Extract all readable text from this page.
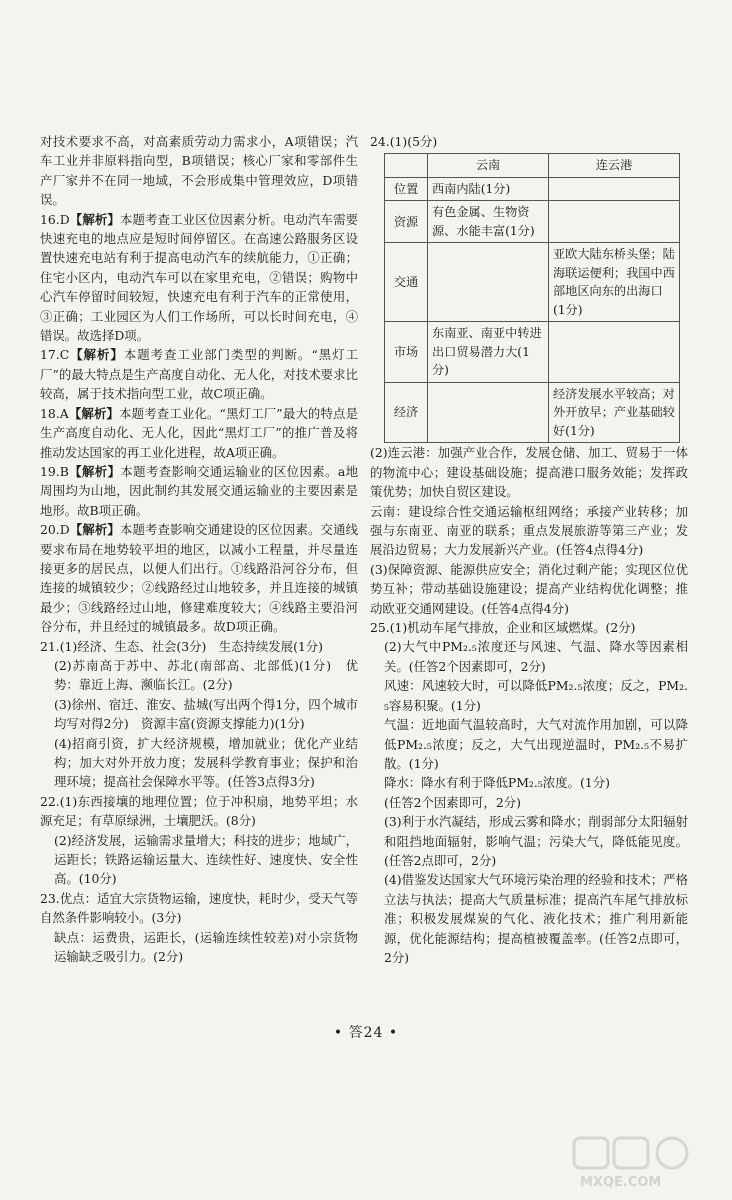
对技术要求不高，对高素质劳动力需求小，A项错误；汽车工业并非原料指向型，B项错误；核心厂家和零部件生产厂家并不在同一地域，不会形成集中管理效应，D项错误。

16.D【解析】本题考查工业区位因素分析。电动汽车需要快速充电的地点应是短时间停留区。在高速公路服务区设置快速充电站有利于提高电动汽车的续航能力，①正确；住宅小区内，电动汽车可以在家里充电，②错误；购物中心汽车停留时间较短，快速充电有利于汽车的正常使用，③正确；工业园区为人们工作场所，可以长时间充电，④错误。故选择D项。

17.C【解析】本题考查工业部门类型的判断。“黑灯工厂”的最大特点是生产高度自动化、无人化，对技术要求比较高，属于技术指向型工业，故C项正确。

18.A【解析】本题考查工业化。“黑灯工厂”最大的特点是生产高度自动化、无人化，因此“黑灯工厂”的推广普及将推动发达国家的再工业化进程，故A项正确。

19.B【解析】本题考查影响交通运输业的区位因素。a地周围均为山地，因此制约其发展交通运输业的主要因素是地形。故B项正确。

20.D【解析】本题考查影响交通建设的区位因素。交通线要求布局在地势较平坦的地区，以减小工程量，并尽量连接更多的居民点，以便人们出行。①线路沿河谷分布，但连接的城镇较少；②线路经过山地较多，并且连接的城镇最少；③线路经过山地，修建难度较大；④线路主要沿河谷分布，并且经过的城镇最多。故D项正确。

21.(1)经济、生态、社会(3分)　生态持续发展(1分)

(2)苏南高于苏中、苏北(南部高、北部低)(1分)　优势：靠近上海、濒临长江。(2分)

(3)徐州、宿迁、淮安、盐城(写出两个得1分，四个城市均写对得2分)　资源丰富(资源支撑能力)(1分)

(4)招商引资，扩大经济规模，增加就业；优化产业结构；加大对外开放力度；发展科学教育事业；保护和治理环境；提高社会保障水平等。(任答3点得3分)

22.(1)东西接壤的地理位置；位于冲积扇，地势平坦；水源充足；有草原绿洲，土壤肥沃。(8分)

(2)经济发展，运输需求量增大；科技的进步；地域广，运距长；铁路运输运量大、连续性好、速度快、安全性高。(10分)

23.优点：适宜大宗货物运输，速度快，耗时少，受天气等自然条件影响较小。(3分)

缺点：运费贵，运距长，(运输连续性较差)对小宗货物运输缺乏吸引力。(2分)

24.(1)(5分)

	云南	连云港
位置	西南内陆(1分)	
资源	有色金属、生物资源、水能丰富(1分)	
交通		亚欧大陆东桥头堡；陆海联运便利；我国中西部地区向东的出海口(1分)
市场	东南亚、南亚中转进出口贸易潜力大(1分)	
经济		经济发展水平较高；对外开放早；产业基础较好(1分)

(2)连云港：加强产业合作，发展仓储、加工、贸易于一体的物流中心；建设基础设施；提高港口服务效能；发挥政策优势；加快自贸区建设。

云南：建设综合性交通运输枢纽网络；承接产业转移；加强与东南亚、南亚的联系；重点发展旅游等第三产业；发展沿边贸易；大力发展新兴产业。(任答4点得4分)

(3)保障资源、能源供应安全；消化过剩产能；实现区位优势互补；带动基础设施建设；提高产业结构优化调整；推动欧亚交通网建设。(任答4点得4分)

25.(1)机动车尾气排放，企业和区域燃煤。(2分)

(2)大气中PM₂.₅浓度还与风速、气温、降水等因素相关。(任答2个因素即可，2分)

风速：风速较大时，可以降低PM₂.₅浓度；反之，PM₂.₅容易积聚。(1分)

气温：近地面气温较高时，大气对流作用加剧，可以降低PM₂.₅浓度；反之，大气出现逆温时，PM₂.₅不易扩散。(1分)

降水：降水有利于降低PM₂.₅浓度。(1分)

(任答2个因素即可，2分)

(3)利于水汽凝结，形成云雾和降水；削弱部分太阳辐射和阻挡地面辐射，影响气温；污染大气，降低能见度。(任答2点即可，2分)

(4)借鉴发达国家大气环境污染治理的经验和技术；严格立法与执法；提高大气质量标准；提高汽车尾气排放标准；积极发展煤炭的气化、液化技术；推广利用新能源，优化能源结构；提高植被覆盖率。(任答2点即可，2分)

• 答24 •
MXQE.COM
